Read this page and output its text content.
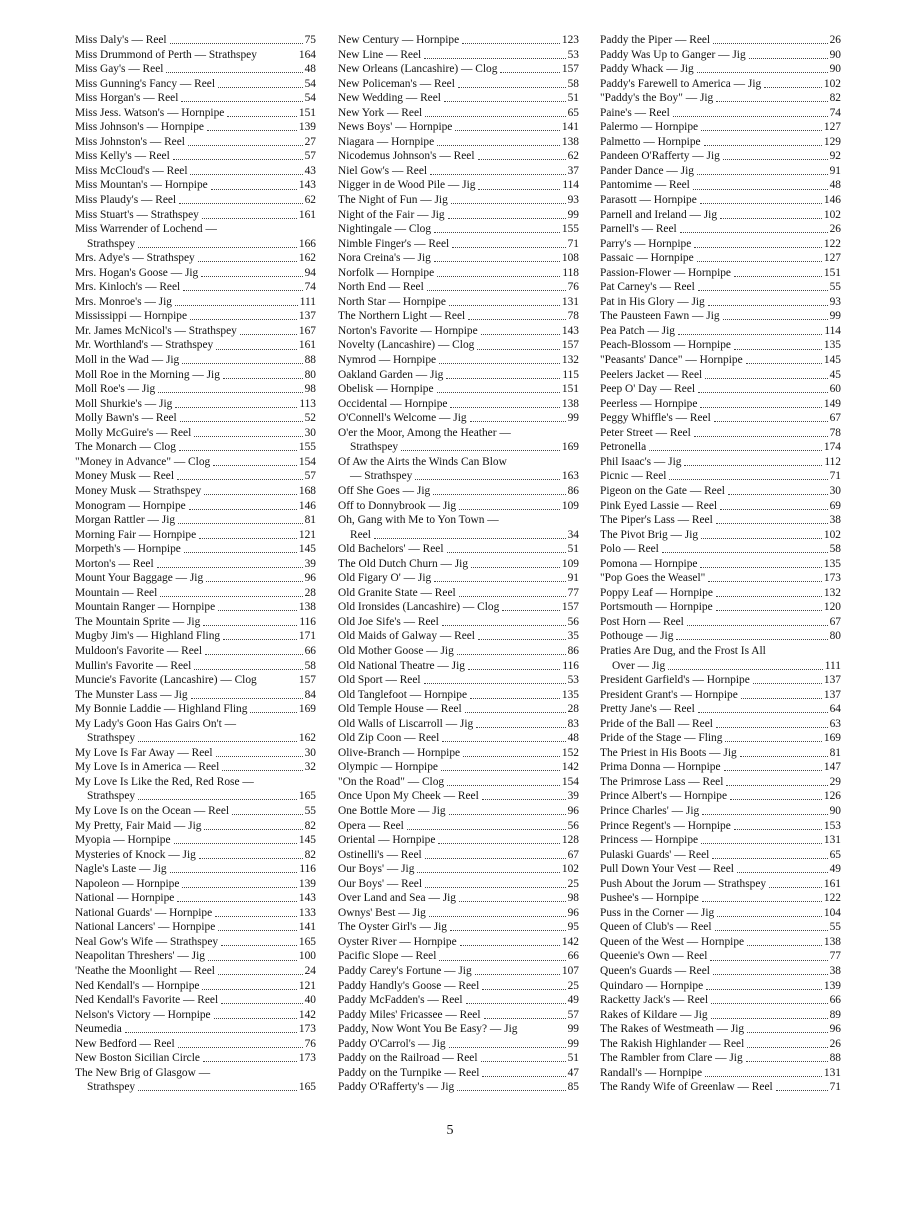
Miss Daly's — Reel	75
Miss Drummond of Perth — Strathspey	164
Miss Gay's — Reel	48
Miss Gunning's Fancy — Reel	54
Miss Horgan's — Reel	54
Miss Jess. Watson's — Hornpipe	151
Miss Johnson's — Hornpipe	139
Miss Johnston's — Reel	27
Miss Kelly's — Reel	57
Miss McCloud's — Reel	43
Miss Mountan's — Hornpipe	143
Miss Plaudy's — Reel	62
Miss Stuart's — Strathspey	161
Miss Warrender of Lochend —
Strathspey	166
Mrs. Adye's — Strathspey	162
Mrs. Hogan's Goose — Jig	94
Mrs. Kinloch's — Reel	74
Mrs. Monroe's — Jig	111
Mississippi — Hornpipe	137
Mr. James McNicol's — Strathspey	167
Mr. Worthland's — Strathspey	161
Moll in the Wad — Jig	88
Moll Roe in the Morning — Jig	80
Moll Roe's — Jig	98
Moll Shurkie's — Jig	113
Molly Bawn's — Reel	52
Molly McGuire's — Reel	30
The Monarch — Clog	155
"Money in Advance" — Clog	154
Money Musk — Reel	57
Money Musk — Strathspey	168
Monogram — Hornpipe	146
Morgan Rattler — Jig	81
Morning Fair — Hornpipe	121
Morpeth's — Hornpipe	145
Morton's — Reel	39
Mount Your Baggage — Jig	96
Mountain — Reel	28
Mountain Ranger — Hornpipe	138
The Mountain Sprite — Jig	116
Mugby Jim's — Highland Fling	171
Muldoon's Favorite — Reel	66
Mullin's Favorite — Reel	58
Muncie's Favorite (Lancashire) — Clog	157
The Munster Lass — Jig	84
My Bonnie Laddie — Highland Fling	169
My Lady's Goon Has Gairs On't —
Strathspey	162
My Love Is Far Away — Reel	30
My Love Is in America — Reel	32
My Love Is Like the Red, Red Rose —
Strathspey	165
My Love Is on the Ocean — Reel	55
My Pretty, Fair Maid — Jig	82
Myopia — Hornpipe	145
Mysteries of Knock — Jig	82
Nagle's Laste — Jig	116
Napoleon — Hornpipe	139
National — Hornpipe	143
National Guards' — Hornpipe	133
National Lancers' — Hornpipe	141
Neal Gow's Wife — Strathspey	165
Neapolitan Threshers' — Jig	100
'Neathe the Moonlight — Reel	24
Ned Kendall's — Hornpipe	121
Ned Kendall's Favorite — Reel	40
Nelson's Victory — Hornpipe	142
Neumedia	173
New Bedford — Reel	76
New Boston Sicilian Circle	173
The New Brig of Glasgow —
Strathspey	165
New Century — Hornpipe	123
New Line — Reel	53
New Orleans (Lancashire) — Clog	157
New Policeman's — Reel	58
New Wedding — Reel	51
New York — Reel	65
News Boys' — Hornpipe	141
Niagara — Hornpipe	138
Nicodemus Johnson's — Reel	62
Niel Gow's — Reel	37
Nigger in de Wood Pile — Jig	114
The Night of Fun — Jig	93
Night of the Fair — Jig	99
Nightingale — Clog	155
Nimble Finger's — Reel	71
Nora Creina's — Jig	108
Norfolk — Hornpipe	118
North End — Reel	76
North Star — Hornpipe	131
The Northern Light — Reel	78
Norton's Favorite — Hornpipe	143
Novelty (Lancashire) — Clog	157
Nymrod — Hornpipe	132
Oakland Garden — Jig	115
Obelisk — Hornpipe	151
Occidental — Hornpipe	138
O'Connell's Welcome — Jig	99
O'er the Moor, Among the Heather —
Strathspey	169
Of Aw the Airts the Winds Can Blow
— Strathspey	163
Off She Goes — Jig	86
Off to Donnybrook — Jig	109
Oh, Gang with Me to Yon Town —
Reel	34
Old Bachelors' — Reel	51
The Old Dutch Churn — Jig	109
Old Figary O' — Jig	91
Old Granite State — Reel	77
Old Ironsides (Lancashire) — Clog	157
Old Joe Sife's — Reel	56
Old Maids of Galway — Reel	35
Old Mother Goose — Jig	86
Old National Theatre — Jig	116
Old Sport — Reel	53
Old Tanglefoot — Hornpipe	135
Old Temple House — Reel	28
Old Walls of Liscarroll — Jig	83
Old Zip Coon — Reel	48
Olive-Branch — Hornpipe	152
Olympic — Hornpipe	142
"On the Road" — Clog	154
Once Upon My Cheek — Reel	39
One Bottle More — Jig	96
Opera — Reel	56
Oriental — Hornpipe	128
Ostinelli's — Reel	67
Our Boys' — Jig	102
Our Boys' — Reel	25
Over Land and Sea — Jig	98
Ownys' Best — Jig	96
The Oyster Girl's — Jig	95
Oyster River — Hornpipe	142
Pacific Slope — Reel	66
Paddy Carey's Fortune — Jig	107
Paddy Handly's Goose — Reel	25
Paddy McFadden's — Reel	49
Paddy Miles' Fricassee — Reel	57
Paddy, Now Wont You Be Easy? — Jig	99
Paddy O'Carrol's — Jig	99
Paddy on the Railroad — Reel	51
Paddy on the Turnpike — Reel	47
Paddy O'Rafferty's — Jig	85
Paddy the Piper — Reel	26
Paddy Was Up to Ganger — Jig	90
Paddy Whack — Jig	90
Paddy's Farewell to America — Jig	102
"Paddy's the Boy" — Jig	82
Paine's — Reel	74
Palermo — Hornpipe	127
Palmetto — Hornpipe	129
Pandeen O'Rafferty — Jig	92
Pander Dance — Jig	91
Pantomime — Reel	48
Parasott — Hornpipe	146
Parnell and Ireland — Jig	102
Parnell's — Reel	26
Parry's — Hornpipe	122
Passaic — Hornpipe	127
Passion-Flower — Hornpipe	151
Pat Carney's — Reel	55
Pat in His Glory — Jig	93
The Pausteen Fawn — Jig	99
Pea Patch — Jig	114
Peach-Blossom — Hornpipe	135
"Peasants' Dance" — Hornpipe	145
Peelers Jacket — Reel	45
Peep O' Day — Reel	60
Peerless — Hornpipe	149
Peggy Whiffle's — Reel	67
Peter Street — Reel	78
Petronella	174
Phil Isaac's — Jig	112
Picnic — Reel	71
Pigeon on the Gate — Reel	30
Pink Eyed Lassie — Reel	69
The Piper's Lass — Reel	38
The Pivot Brig — Jig	102
Polo — Reel	58
Pomona — Hornpipe	135
"Pop Goes the Weasel"	173
Poppy Leaf — Hornpipe	132
Portsmouth — Hornpipe	120
Post Horn — Reel	67
Pothouge — Jig	80
Praties Are Dug, and the Frost Is All
Over — Jig	111
President Garfield's — Hornpipe	137
President Grant's — Hornpipe	137
Pretty Jane's — Reel	64
Pride of the Ball — Reel	63
Pride of the Stage — Fling	169
The Priest in His Boots — Jig	81
Prima Donna — Hornpipe	147
The Primrose Lass — Reel	29
Prince Albert's — Hornpipe	126
Prince Charles' — Jig	90
Prince Regent's — Hornpipe	153
Princess — Hornpipe	131
Pulaski Guards' — Reel	65
Pull Down Your Vest — Reel	49
Push About the Jorum — Strathspey	161
Pushee's — Hornpipe	122
Puss in the Corner — Jig	104
Queen of Club's — Reel	55
Queen of the West — Hornpipe	138
Queenie's Own — Reel	77
Queen's Guards — Reel	38
Quindaro — Hornpipe	139
Racketty Jack's — Reel	66
Rakes of Kildare — Jig	89
The Rakes of Westmeath — Jig	96
The Rakish Highlander — Reel	26
The Rambler from Clare — Jig	88
Randall's — Hornpipe	131
The Randy Wife of Greenlaw — Reel	71
5
